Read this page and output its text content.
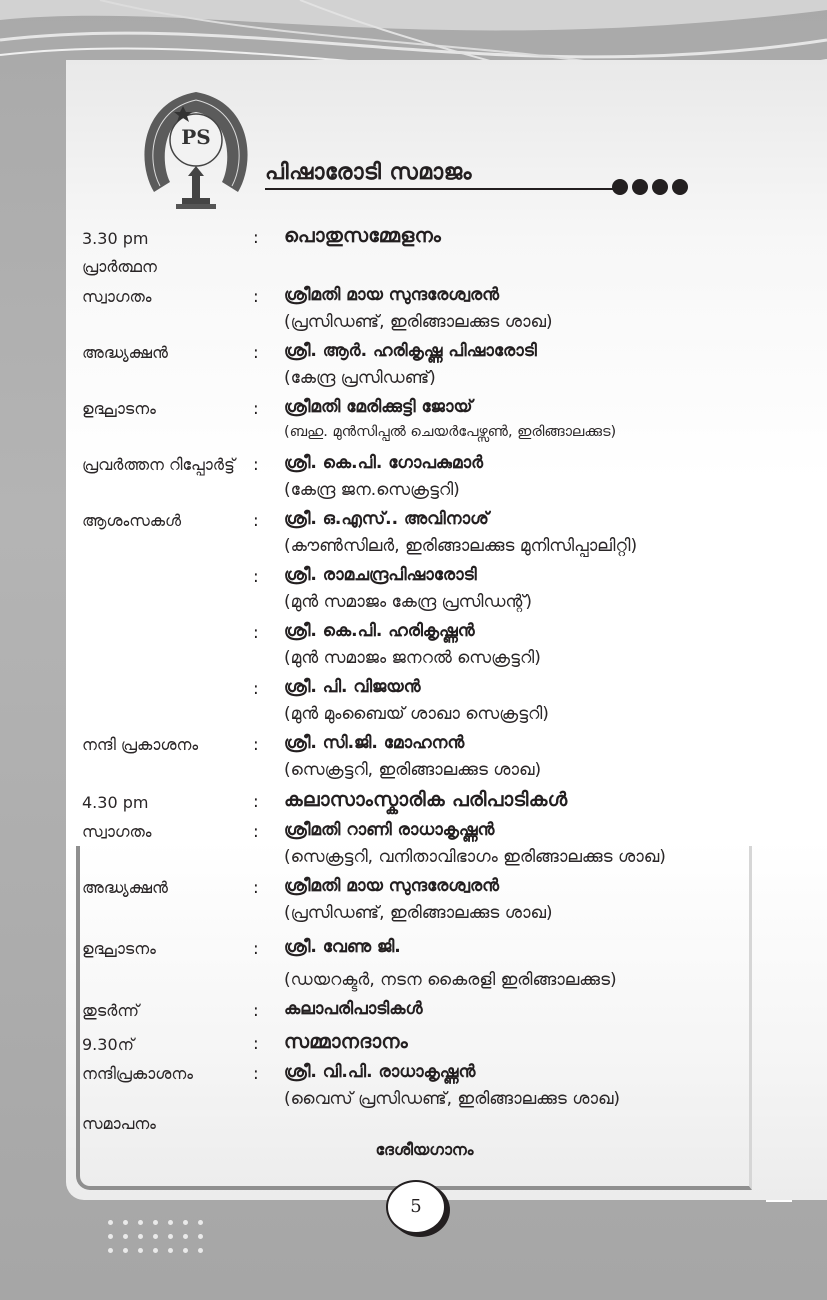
PS
പിഷാരോടി സമാജം
3.30 pm	: പൊതുസമ്മേളനം
പ്രാർത്ഥന
സ്വാഗതം	: ശ്രീമതി മായ സുന്ദരേശ്വരൻ
(പ്രസിഡണ്ട്, ഇരിങ്ങാലക്കുട ശാഖ)
അദ്ധ്യക്ഷൻ	: ശ്രീ. ആർ. ഹരികൃഷ്ണ പിഷാരോടി
(കേന്ദ്ര പ്രസിഡണ്ട്)
ഉദ്ഘാടനം	: ശ്രീമതി മേരിക്കുട്ടി ജോയ്
(ബഹു. മുൻസിപ്പൽ ചെയർപേഴ്സൺ, ഇരിങ്ങാലക്കുട)
പ്രവർത്തന റിപ്പോർട്ട് : ശ്രീ. കെ.പി. ഗോപകുമാർ
(കേന്ദ്ര ജന.സെക്രട്ടറി)
ആശംസകൾ	: ശ്രീ. ഒ.എസ്.. അവിനാശ്
(കൗൺസിലർ, ഇരിങ്ങാലക്കുട മുനിസിപ്പാലിറ്റി)
: ശ്രീ. രാമചന്ദ്രപിഷാരോടി
(മുൻ സമാജം കേന്ദ്ര പ്രസിഡന്റ്)
: ശ്രീ. കെ.പി. ഹരികൃഷ്ണൻ
(മുൻ സമാജം ജനറൽ സെക്രട്ടറി)
: ശ്രീ. പി. വിജയൻ
(മുൻ മുംബൈയ് ശാഖാ സെക്രട്ടറി)
നന്ദി പ്രകാശനം	: ശ്രീ. സി.ജി. മോഹനൻ
(സെക്രട്ടറി, ഇരിങ്ങാലക്കുട ശാഖ)
4.30 pm	: കലാസാംസ്കാരിക പരിപാടികൾ
സ്വാഗതം	: ശ്രീമതി റാണി രാധാകൃഷ്ണൻ
(സെക്രട്ടറി, വനിതാവിഭാഗം ഇരിങ്ങാലക്കുട ശാഖ)
അദ്ധ്യക്ഷൻ	: ശ്രീമതി മായ സുന്ദരേശ്വരൻ
(പ്രസിഡണ്ട്, ഇരിങ്ങാലക്കുട ശാഖ)
ഉദ്ഘാടനം	: ശ്രീ. വേണു ജി.
(ഡയറക്ടർ, നടന കൈരളി ഇരിങ്ങാലക്കുട)
തുടർന്ന്	: കലാപരിപാടികൾ
9.30ന്	: സമ്മാനദാനം
നന്ദിപ്രകാശനം	: ശ്രീ. വി.പി. രാധാകൃഷ്ണൻ
(വൈസ് പ്രസിഡണ്ട്, ഇരിങ്ങാലക്കുട ശാഖ)
സമാപനം
ദേശീയഗാനം
5
